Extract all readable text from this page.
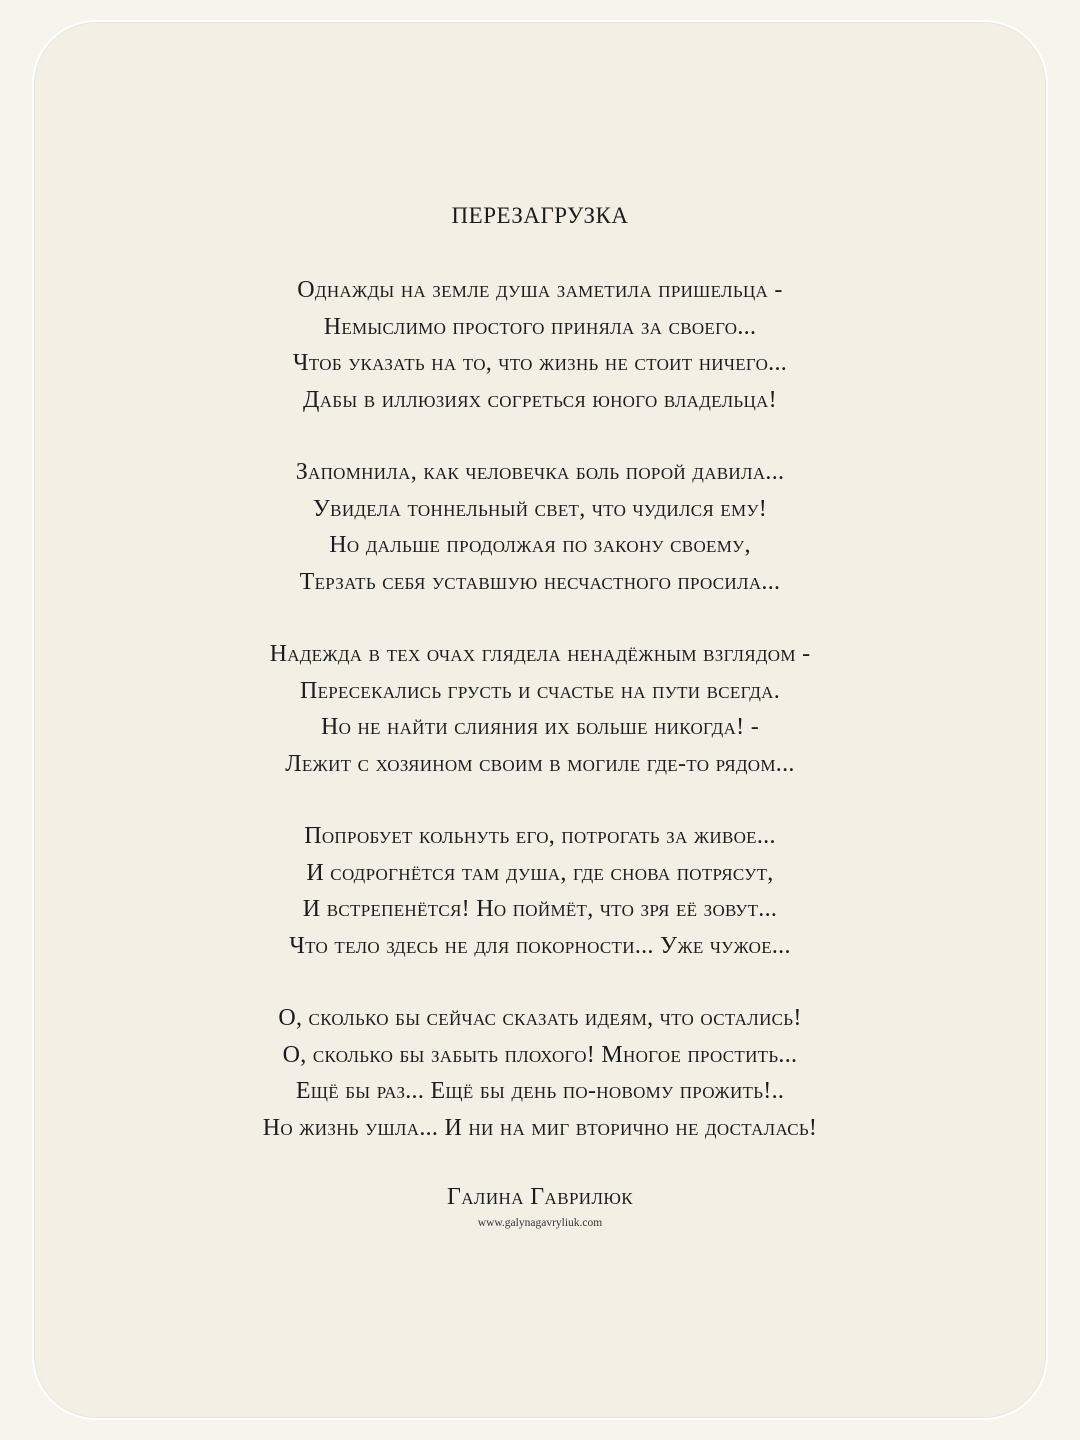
ПЕРЕЗАГРУЗКА
Однажды на земле душа заметила пришельца -
Немыслимо простого приняла за своего...
Чтоб указать на то, что жизнь не стоит ничего...
Дабы в иллюзиях согреться юного владельца!
Запомнила, как человечка боль порой давила...
Увидела тоннельный свет, что чудился ему!
Но дальше продолжая по закону своему,
Терзать себя уставшую несчастного просила...
Надежда в тех очах глядела ненадёжным взглядом -
Пересекались грусть и счастье на пути всегда.
Но не найти слияния их больше никогда! -
Лежит с хозяином своим в могиле где-то рядом...
Попробует кольнуть его, потрогать за живое...
И содрогнётся там душа, где снова потрясут,
И встрепенётся! Но поймёт, что зря её зовут...
Что тело здесь не для покорности... Уже чужое...
О, сколько бы сейчас сказать идеям, что остались!
О, сколько бы забыть плохого! Многое простить...
Ещё бы раз... Ещё бы день по-новому прожить!..
Но жизнь ушла... И ни на миг вторично не досталась!
Галина Гаврилюк
www.galynagavryliuk.com
